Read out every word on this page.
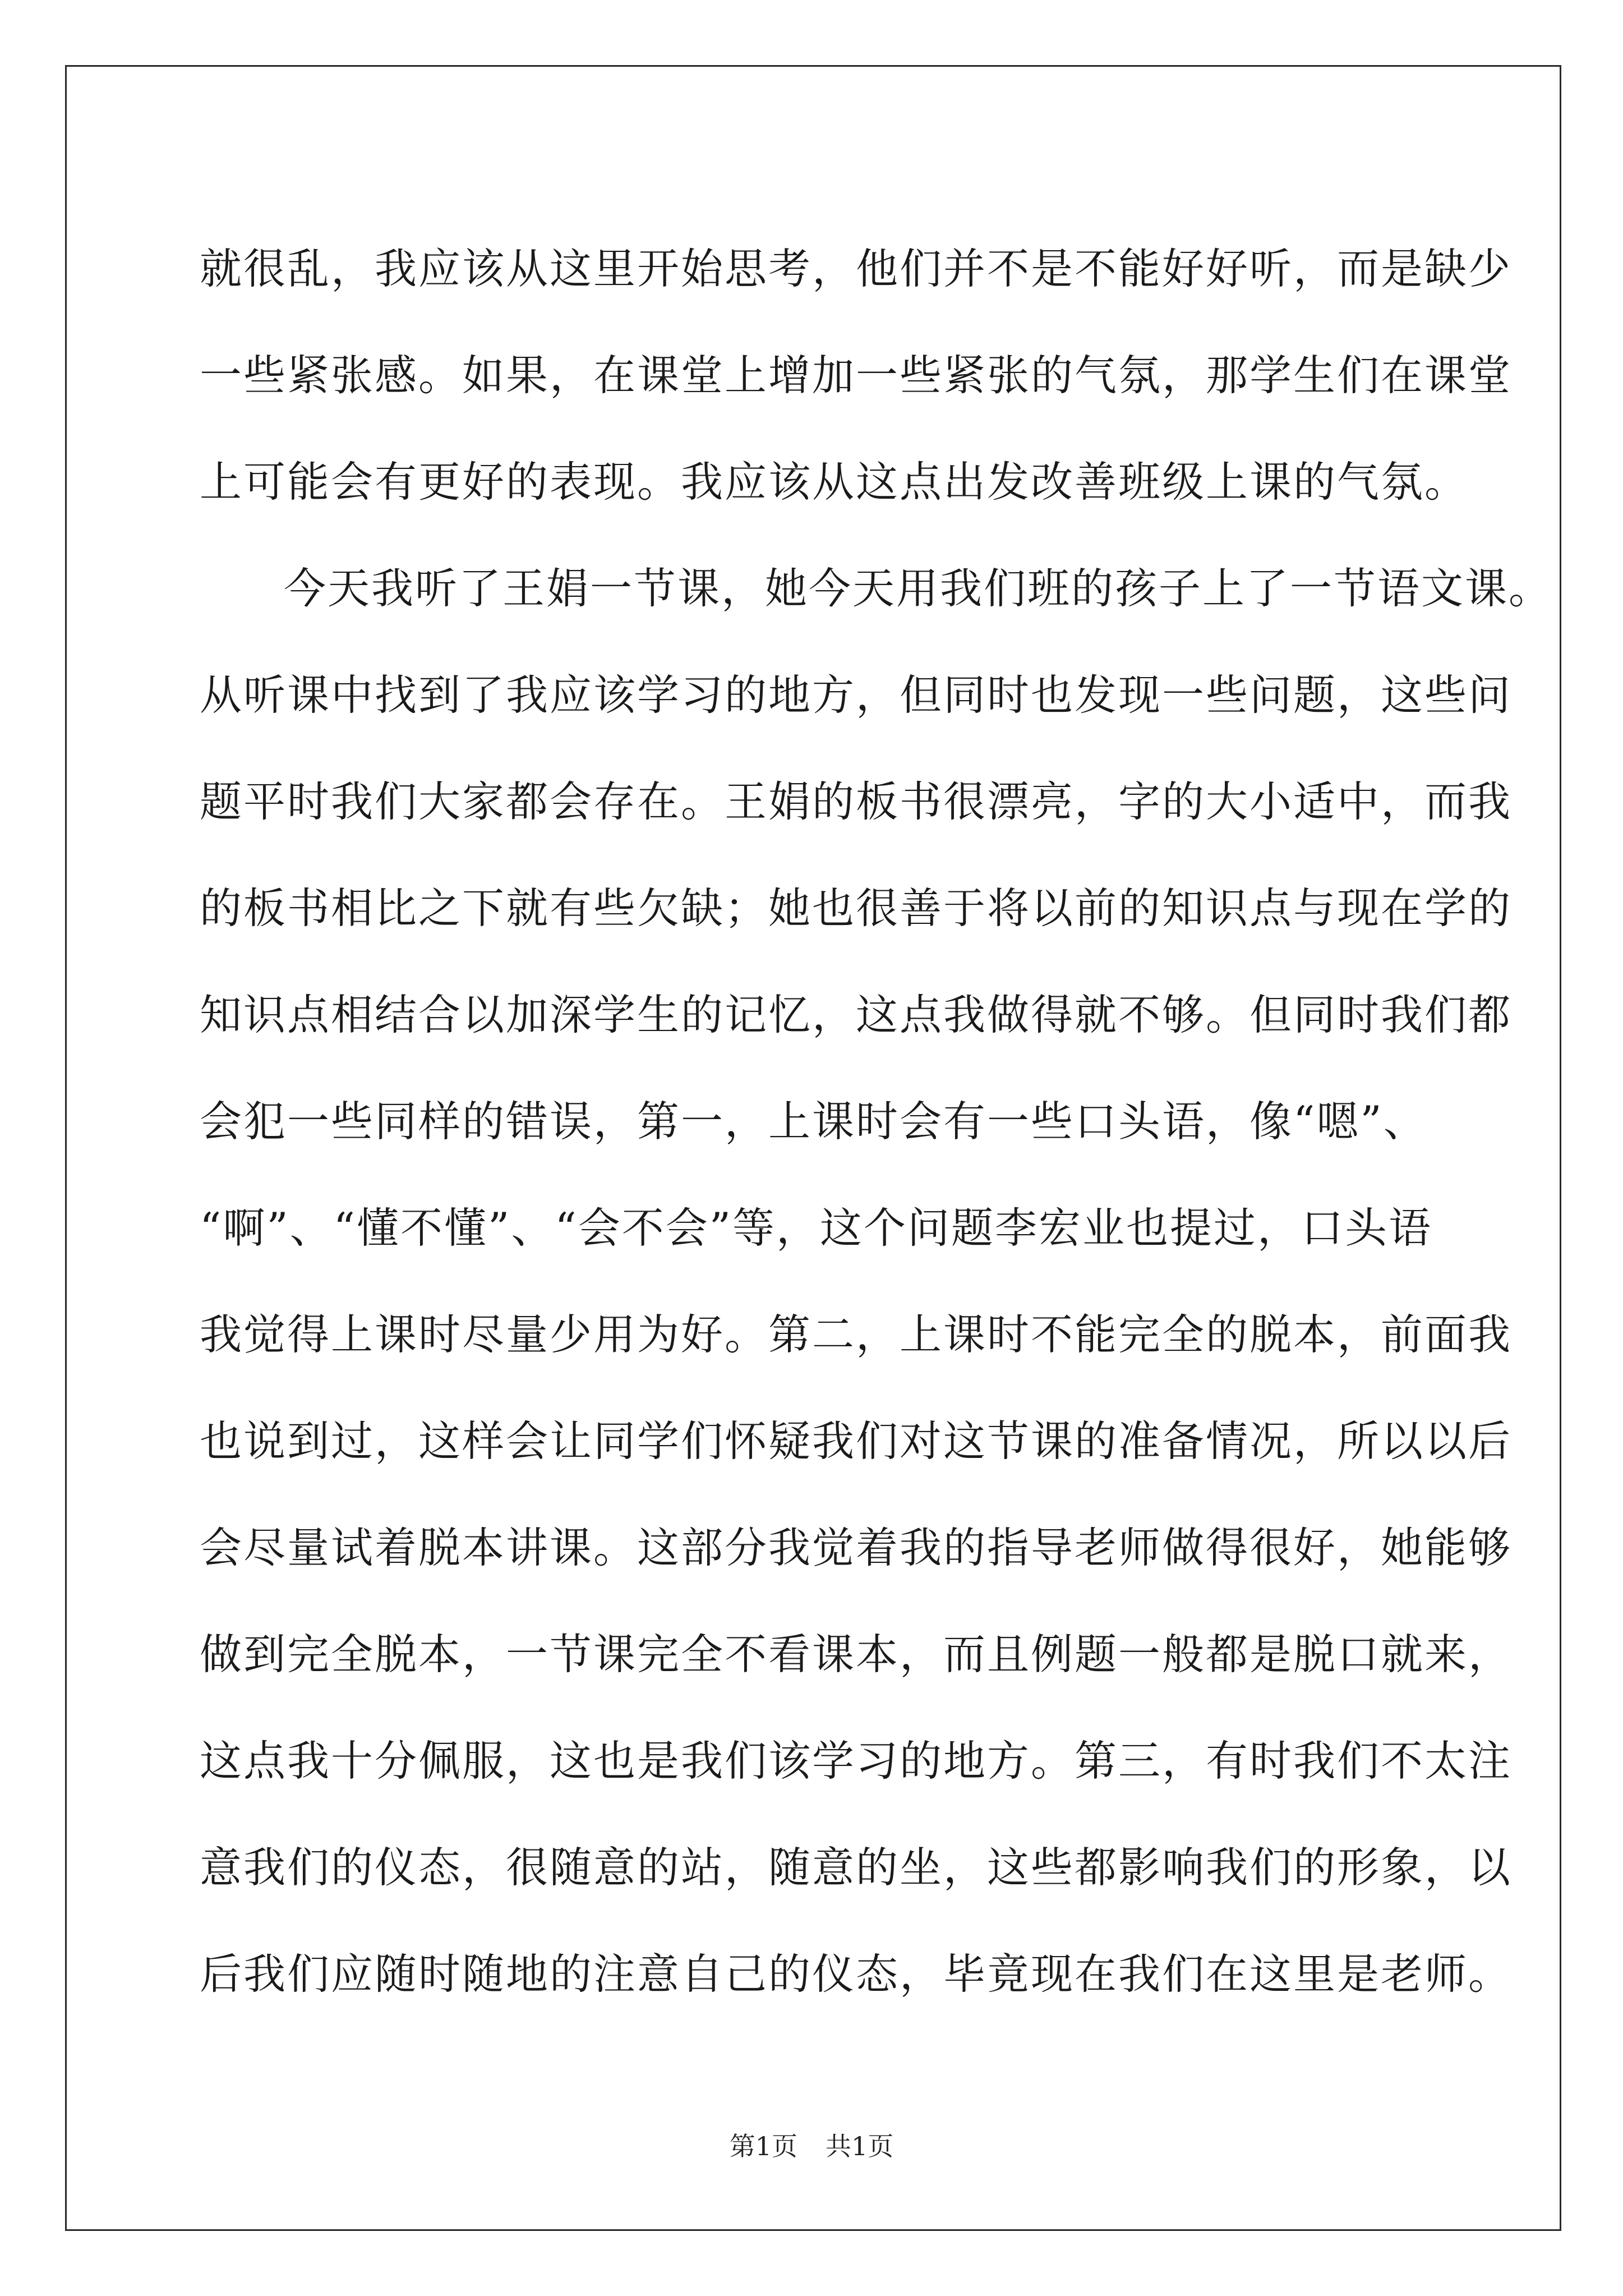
就很乱，我应该从这里开始思考，他们并不是不能好好听，而是缺少
一些紧张感。如果，在课堂上增加一些紧张的气氛，那学生们在课堂
上可能会有更好的表现。我应该从这点出发改善班级上课的气氛。
今天我听了王娟一节课，她今天用我们班的孩子上了一节语文课。
从听课中找到了我应该学习的地方，但同时也发现一些问题，这些问
题平时我们大家都会存在。王娟的板书很漂亮，字的大小适中，而我
的板书相比之下就有些欠缺；她也很善于将以前的知识点与现在学的
知识点相结合以加深学生的记忆，这点我做得就不够。但同时我们都
会犯一些同样的错误，第一，上课时会有一些口头语，像“嗯”、
“啊”、“懂不懂”、“会不会”等，这个问题李宏业也提过，口头语
我觉得上课时尽量少用为好。第二，上课时不能完全的脱本，前面我
也说到过，这样会让同学们怀疑我们对这节课的准备情况，所以以后
会尽量试着脱本讲课。这部分我觉着我的指导老师做得很好，她能够
做到完全脱本，一节课完全不看课本，而且例题一般都是脱口就来，
这点我十分佩服，这也是我们该学习的地方。第三，有时我们不太注
意我们的仪态，很随意的站，随意的坐，这些都影响我们的形象，以
后我们应随时随地的注意自己的仪态，毕竟现在我们在这里是老师。
第1页 共1页
